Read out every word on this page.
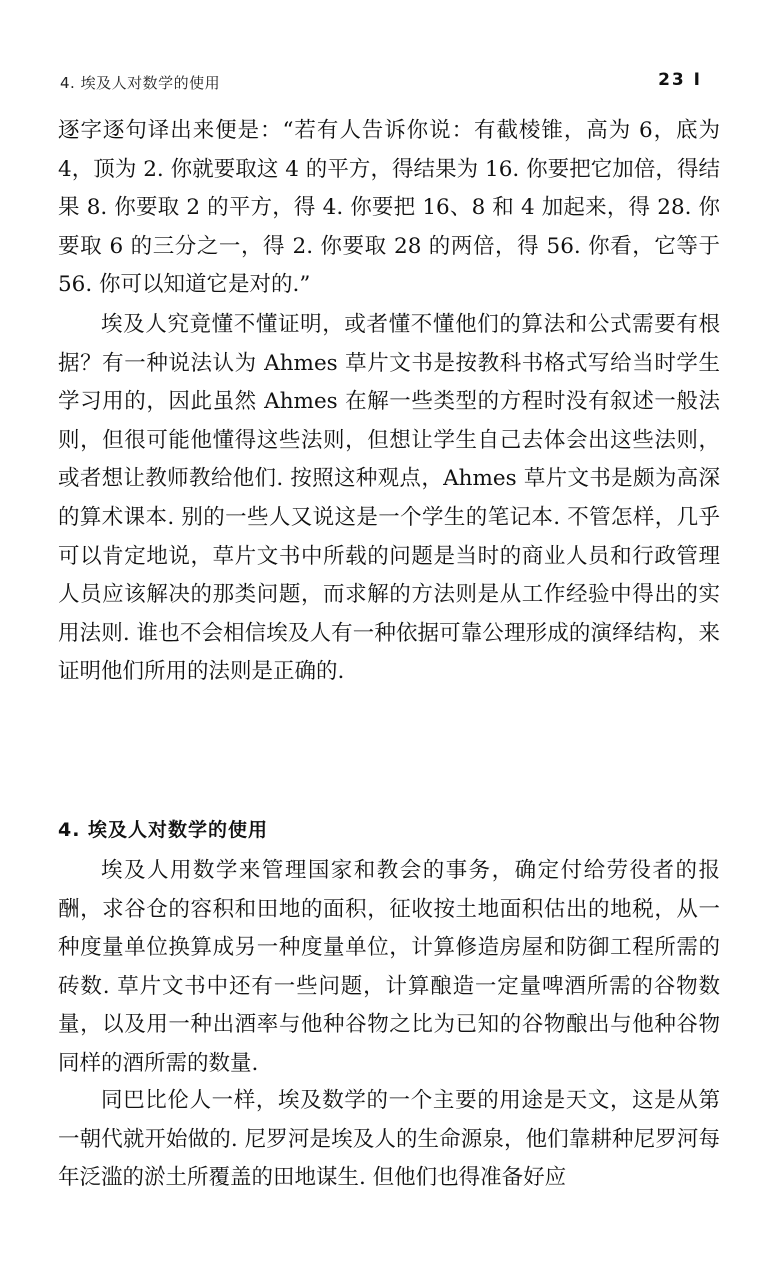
4. 埃及人对数学的使用	23 I

逐字逐句译出来便是：“若有人告诉你说：有截棱锥，高为 6，底为 4，顶为 2. 你就要取这 4 的平方，得结果为 16. 你要把它加倍，得结果 8. 你要取 2 的平方，得 4. 你要把 16、8 和 4 加起来，得 28. 你要取 6 的三分之一，得 2. 你要取 28 的两倍，得 56. 你看，它等于 56. 你可以知道它是对的.”

埃及人究竟懂不懂证明，或者懂不懂他们的算法和公式需要有根据？有一种说法认为 Ahmes 草片文书是按教科书格式写给当时学生学习用的，因此虽然 Ahmes 在解一些类型的方程时没有叙述一般法则，但很可能他懂得这些法则，但想让学生自己去体会出这些法则，或者想让教师教给他们. 按照这种观点，Ahmes 草片文书是颇为高深的算术课本. 别的一些人又说这是一个学生的笔记本. 不管怎样，几乎可以肯定地说，草片文书中所载的问题是当时的商业人员和行政管理人员应该解决的那类问题，而求解的方法则是从工作经验中得出的实用法则. 谁也不会相信埃及人有一种依据可靠公理形成的演绎结构，来证明他们所用的法则是正确的.

4. 埃及人对数学的使用

埃及人用数学来管理国家和教会的事务，确定付给劳役者的报酬，求谷仓的容积和田地的面积，征收按土地面积估出的地税，从一种度量单位换算成另一种度量单位，计算修造房屋和防御工程所需的砖数. 草片文书中还有一些问题，计算酿造一定量啤酒所需的谷物数量，以及用一种出酒率与他种谷物之比为已知的谷物酿出与他种谷物同样的酒所需的数量.

同巴比伦人一样，埃及数学的一个主要的用途是天文，这是从第一朝代就开始做的. 尼罗河是埃及人的生命源泉，他们靠耕种尼罗河每年泛滥的淤土所覆盖的田地谋生. 但他们也得准备好应
